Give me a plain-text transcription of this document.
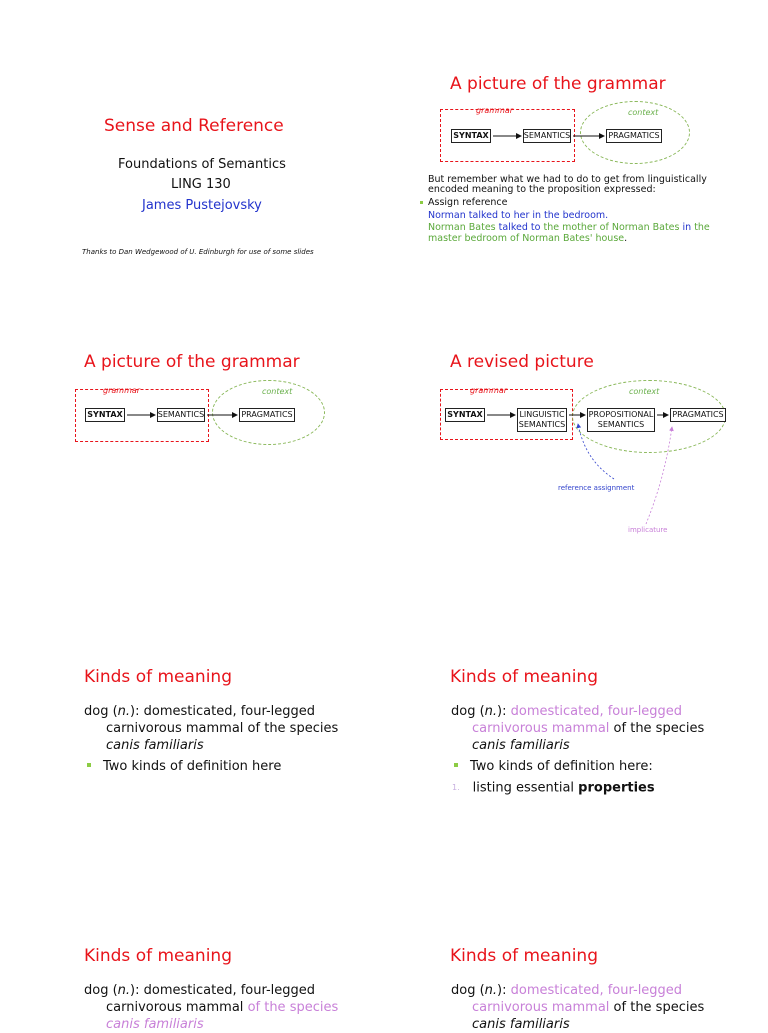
Sense and Reference
Foundations of Semantics
LING 130
James Pustejovsky
Thanks to Dan Wedgewood of U. Edinburgh for use of some slides
A picture of the grammar
grammar	context
SYNTAX	SEMANTICS	PRAGMATICS
But remember what we had to do to get from linguistically
encoded meaning to the proposition expressed:
Assign reference
Norman talked to her in the bedroom.
Norman Bates talked to the mother of Norman Bates in the
master bedroom of Norman Bates' house.
A picture of the grammar
grammar	context
SYNTAX	SEMANTICS	PRAGMATICS
A revised picture
grammar	context
SYNTAX	LINGUISTIC
SEMANTICS
PROPOSITIONAL
SEMANTICS
PRAGMATICS
reference assignment
implicature
Kinds of meaning
dog (n.): domesticated, four-legged
carnivorous mammal of the species
canis familiaris
Two kinds of definition here
Kinds of meaning
dog (n.): domesticated, four-legged
carnivorous mammal of the species
canis familiaris
Two kinds of definition here:
1. listing essential properties
Kinds of meaning
dog (n.): domesticated, four-legged
carnivorous mammal of the species
canis familiaris
Kinds of meaning
dog (n.): domesticated, four-legged
carnivorous mammal of the species
canis familiaris
